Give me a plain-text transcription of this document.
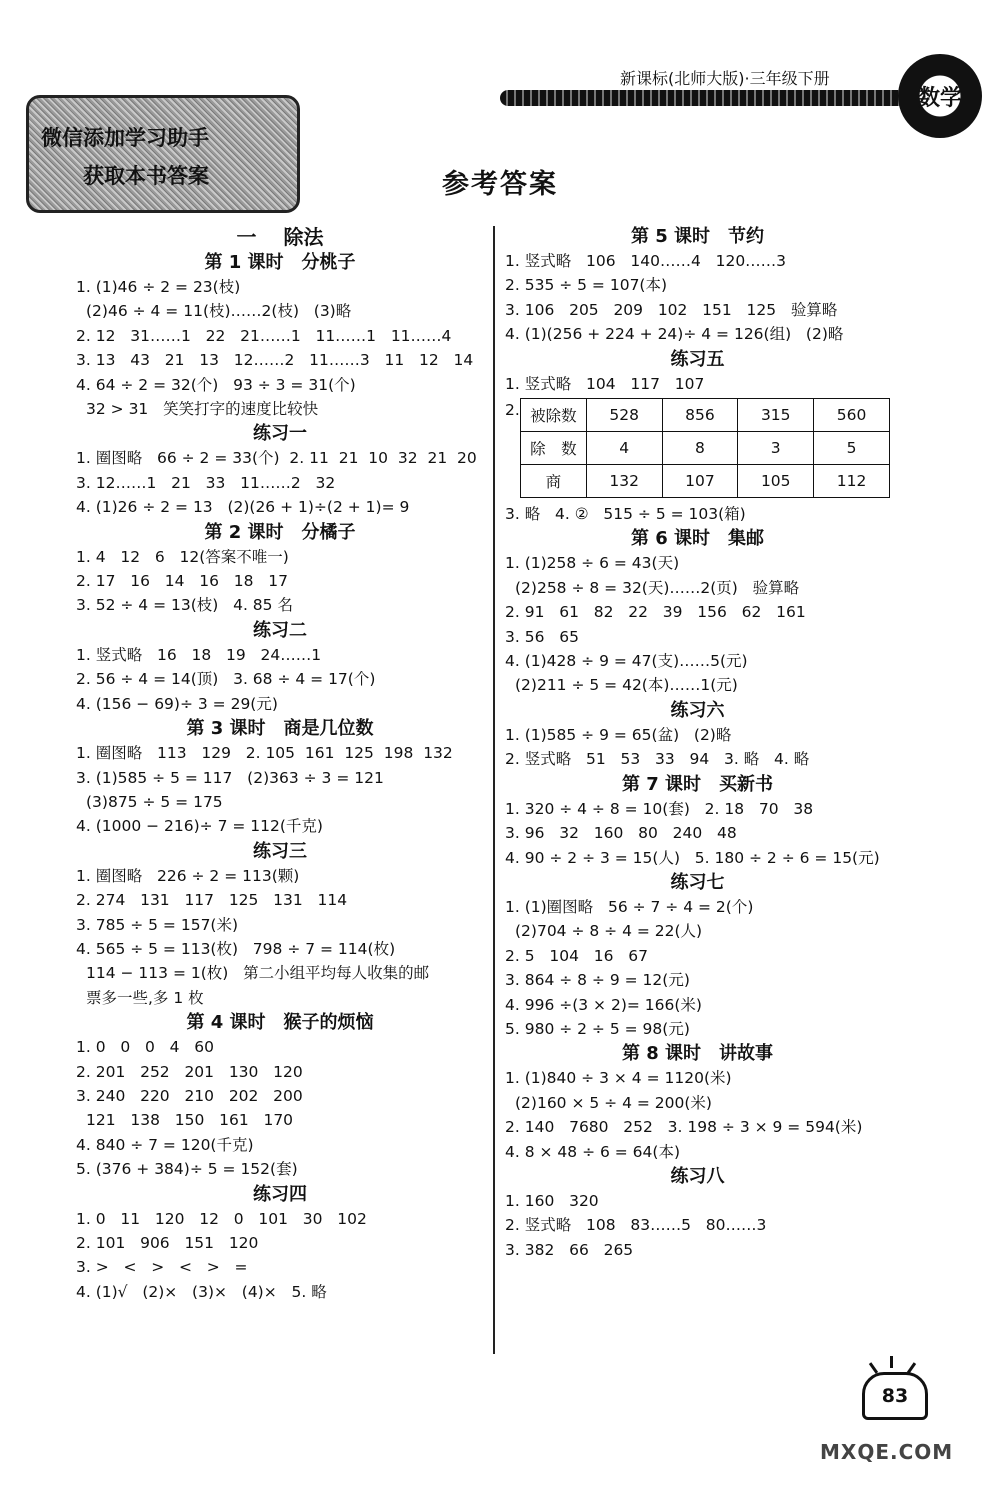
微信添加学习助手
获取本书答案
新课标(北师大版)·三年级下册
数学
参考答案
一　 除法
第 1 课时　分桃子
1. (1)46 ÷ 2 = 23(枝)
(2)46 ÷ 4 = 11(枝)……2(枝)   (3)略
2. 12   31……1   22   21……1   11……1   11……4
3. 13   43   21   13   12……2   11……3   11   12   14
4. 64 ÷ 2 = 32(个)   93 ÷ 3 = 31(个)
32 > 31   笑笑打字的速度比较快
练习一
1. 圈图略   66 ÷ 2 = 33(个)  2. 11  21  10  32  21  20
3. 12……1   21   33   11……2   32
4. (1)26 ÷ 2 = 13   (2)(26 + 1)÷(2 + 1)= 9
第 2 课时　分橘子
1. 4   12   6   12(答案不唯一)
2. 17   16   14   16   18   17
3. 52 ÷ 4 = 13(枝)   4. 85 名
练习二
1. 竖式略   16   18   19   24……1
2. 56 ÷ 4 = 14(顶)   3. 68 ÷ 4 = 17(个)
4. (156 − 69)÷ 3 = 29(元)
第 3 课时　商是几位数
1. 圈图略   113   129   2. 105  161  125  198  132
3. (1)585 ÷ 5 = 117   (2)363 ÷ 3 = 121
(3)875 ÷ 5 = 175
4. (1000 − 216)÷ 7 = 112(千克)
练习三
1. 圈图略   226 ÷ 2 = 113(颗)
2. 274   131   117   125   131   114
3. 785 ÷ 5 = 157(米)
4. 565 ÷ 5 = 113(枚)   798 ÷ 7 = 114(枚)
114 − 113 = 1(枚)   第二小组平均每人收集的邮
票多一些,多 1 枚
第 4 课时　猴子的烦恼
1. 0   0   0   4   60
2. 201   252   201   130   120
3. 240   220   210   202   200
121   138   150   161   170
4. 840 ÷ 7 = 120(千克)
5. (376 + 384)÷ 5 = 152(套)
练习四
1. 0   11   120   12   0   101   30   102
2. 101   906   151   120
3. >   <   >   <   >   =
4. (1)√   (2)×   (3)×   (4)×   5. 略
第 5 课时　节约
1. 竖式略   106   140……4   120……3
2. 535 ÷ 5 = 107(本)
3. 106   205   209   102   151   125   验算略
4. (1)(256 + 224 + 24)÷ 4 = 126(组)   (2)略
练习五
1. 竖式略   104   117   107
2. 被除数	528	856	315	560
除　数	4	8	3	5
商	132	107	105	112
3. 略   4. ②   515 ÷ 5 = 103(箱)
第 6 课时　集邮
1. (1)258 ÷ 6 = 43(天)
(2)258 ÷ 8 = 32(天)……2(页)   验算略
2. 91   61   82   22   39   156   62   161
3. 56   65
4. (1)428 ÷ 9 = 47(支)……5(元)
(2)211 ÷ 5 = 42(本)……1(元)
练习六
1. (1)585 ÷ 9 = 65(盆)   (2)略
2. 竖式略   51   53   33   94   3. 略   4. 略
第 7 课时　买新书
1. 320 ÷ 4 ÷ 8 = 10(套)   2. 18   70   38
3. 96   32   160   80   240   48
4. 90 ÷ 2 ÷ 3 = 15(人)   5. 180 ÷ 2 ÷ 6 = 15(元)
练习七
1. (1)圈图略   56 ÷ 7 ÷ 4 = 2(个)
(2)704 ÷ 8 ÷ 4 = 22(人)
2. 5   104   16   67
3. 864 ÷ 8 ÷ 9 = 12(元)
4. 996 ÷(3 × 2)= 166(米)
5. 980 ÷ 2 ÷ 5 = 98(元)
第 8 课时　讲故事
1. (1)840 ÷ 3 × 4 = 1120(米)
(2)160 × 5 ÷ 4 = 200(米)
2. 140   7680   252   3. 198 ÷ 3 × 9 = 594(米)
4. 8 × 48 ÷ 6 = 64(本)
练习八
1. 160   320
2. 竖式略   108   83……5   80……3
3. 382   66   265
83
MXQE.COM
